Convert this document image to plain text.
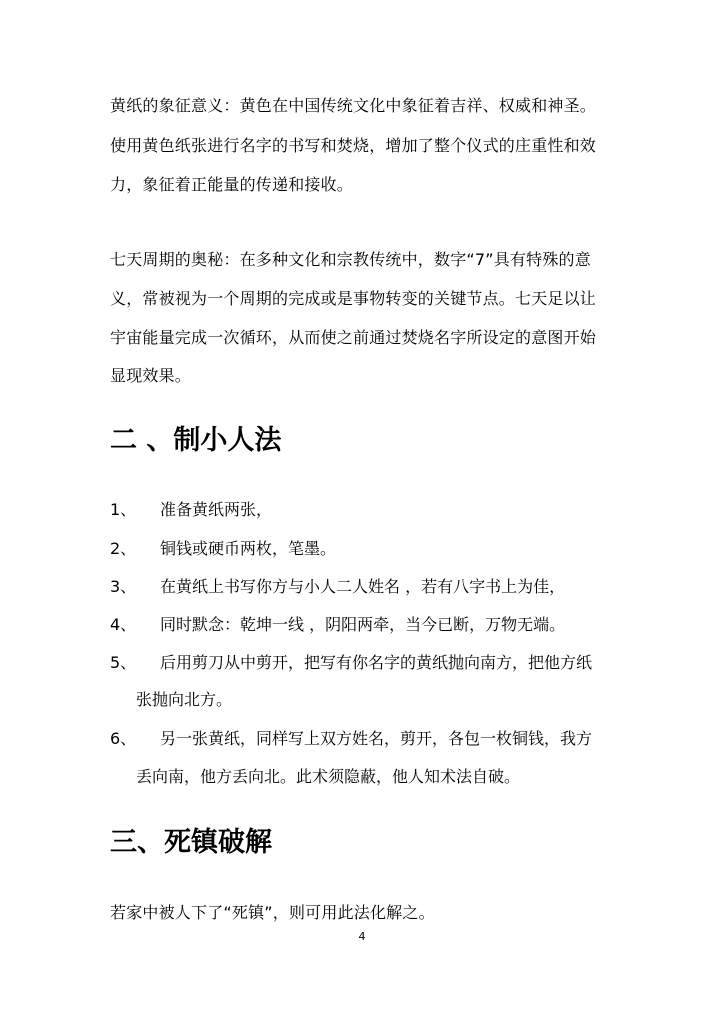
黄纸的象征意义：黄色在中国传统文化中象征着吉祥、权威和神圣。
使用黄色纸张进行名字的书写和焚烧，增加了整个仪式的庄重性和效
力，象征着正能量的传递和接收。
七天周期的奥秘：在多种文化和宗教传统中，数字“7”具有特殊的意
义，常被视为一个周期的完成或是事物转变的关键节点。七天足以让
宇宙能量完成一次循环，从而使之前通过焚烧名字所设定的意图开始
显现效果。
二 、制小人法
1、 准备黄纸两张，
2、 铜钱或硬币两枚，笔墨。
3、 在黄纸上书写你方与小人二人姓名 ，若有八字书上为佳，
4、 同时默念：乾坤一线 ，阴阳两牵，当今已断，万物无端。
5、 后用剪刀从中剪开，把写有你名字的黄纸抛向南方，把他方纸
张抛向北方。
6、 另一张黄纸，同样写上双方姓名，剪开，各包一枚铜钱，我方
丢向南，他方丢向北。此术须隐蔽，他人知术法自破。
三、死镇破解
若家中被人下了“死镇”，则可用此法化解之。
4
